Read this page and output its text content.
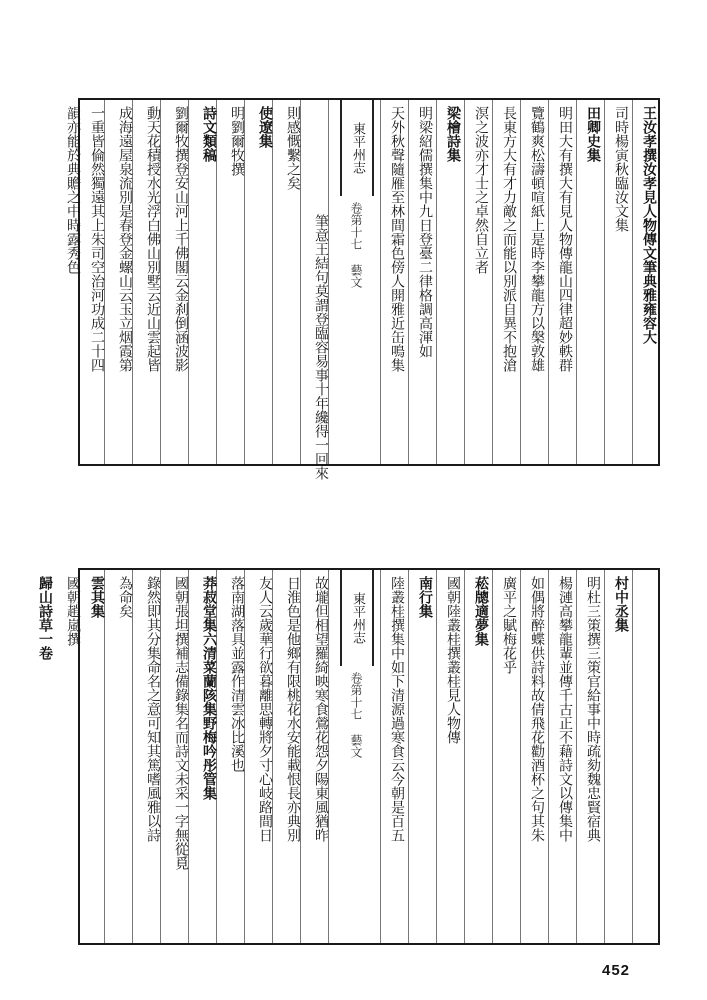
王汝孝撰汝孝見人物傳文筆典雅雍容大
司時楊寅秋臨汝文集
田卿史集
明田大有撰大有見人物傳龍山四律超妙軼群
覽鶴爽松濤頓喧紙上是時李攀龍方以槃敦雄
長東方大有才力敵之而能以別派自異不抱滄
溟之波亦才士之卓然自立者
梁檜詩集
明梁紹儒撰集中九日登臺二律格調高渾如
天外秋聲隨雁至林間霜色傍人開雅近缶鳴集
東平州志
卷第十七 藝文
筆意王結句莫謂登臨容易事十年纔得一回來
則感慨繫之矣
使遼集
明劉爾牧撰
詩文類稿
劉爾牧撰登安山河上千佛閣云金刹倒涵波影
動天花積授水光浮白佛山別墅云近山雲起皆
成海遠屋泉流別是春登金螺山云玉立烟霞第
一重皆倫然獨遠其上朱司空治河功成二十四
韻亦能於典贍之中時露秀色
村中丞集
明杜三策撰三策官給事中時疏劾魏忠賢宿典
楊漣高攀龍輩並傳千古正不藉詩文以傳集中
如偶將醉蝶供詩料故倩飛花勸酒杯之句其朱
廣平之賦梅花乎
菘牕適夢集
國朝陸叢桂撰叢桂見人物傳
南行集
陸叢桂撰集中如下清源過寒食云今朝是百五
東平州志
卷第十七 藝文
故壠但相望羅綺映寒食鶯花怨夕陽東風猶昨
日淮色是他鄉有限桃花水安能載恨長亦典別
友人云歲華行欲暮離思轉將夕寸心岐路間日
落南湖落具並露作清雲冰比溪也
莽菽堂集六清菜蘭陔集野梅吟彤管集
國朝張坦撰補志備錄集名而詩文未采一字無從覓
錄然即其分集命名之意可知其篤嗜風雅以詩
為命矣
雲其集
國朝趙嵐撰
歸山詩草一卷
452
